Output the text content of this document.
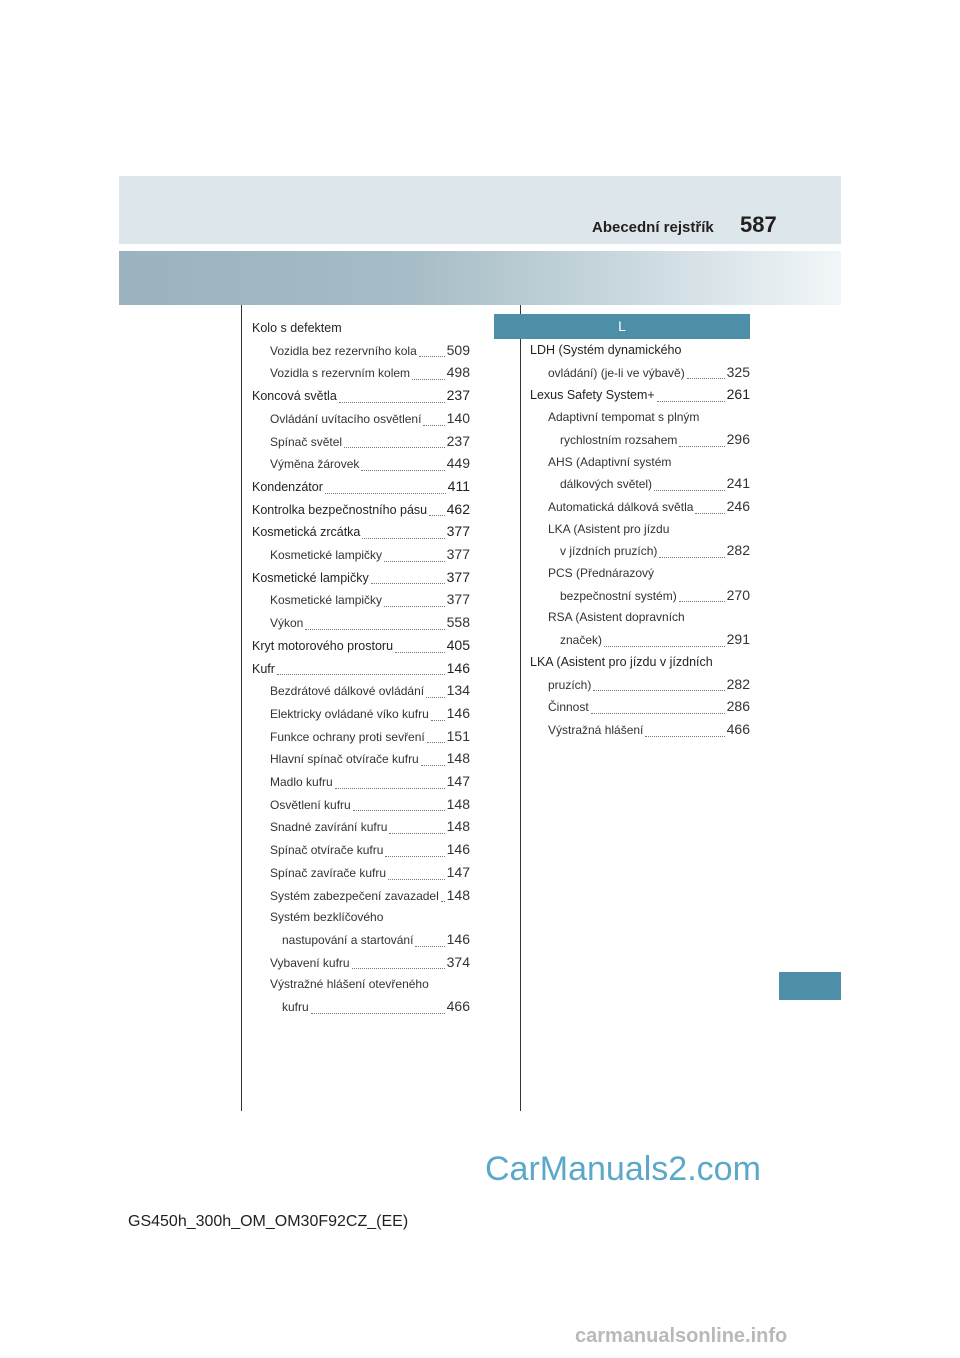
Abecední rejstřík 587
L
Kolo s defektem
Vozidla bez rezervního kola 509
Vozidla s rezervním kolem	498
Koncová světla	237
Ovládání uvítacího osvětlení 140
Spínač světel	237
Výměna žárovek	449
Kondenzátor	411
Kontrolka bezpečnostního pásu 462
Kosmetická zrcátka	377
Kosmetické lampičky	377
Kosmetické lampičky	377
Kosmetické lampičky	377
Výkon	558
Kryt motorového prostoru	405
Kufr	146
Bezdrátové dálkové ovládání 134
Elektricky ovládané víko kufru 146
Funkce ochrany proti sevření 151
Hlavní spínač otvírače kufru 148
Madlo kufru	147
Osvětlení kufru	148
Snadné zavírání kufru	148
Spínač otvírače kufru	146
Spínač zavírače kufru	147
Systém zabezpečení zavazadel 148
Systém bezklíčového
nastupování a startování 146
Vybavení kufru	374
Výstražné hlášení otevřeného
kufru	466
LDH (Systém dynamického
ovládání) (je-li ve výbavě)	325
Lexus Safety System+	261
Adaptivní tempomat s plným
rychlostním rozsahem	296
AHS (Adaptivní systém
dálkových světel)	241
Automatická dálková světla 246
LKA (Asistent pro jízdu
v jízdních pruzích)	282
PCS (Přednárazový
bezpečnostní systém)	270
RSA (Asistent dopravních
značek)	291
LKA (Asistent pro jízdu v jízdních
pruzích)	282
Činnost	286
Výstražná hlášení	466
CarManuals2.com
GS450h_300h_OM_OM30F92CZ_(EE)
carmanualsonline.info
